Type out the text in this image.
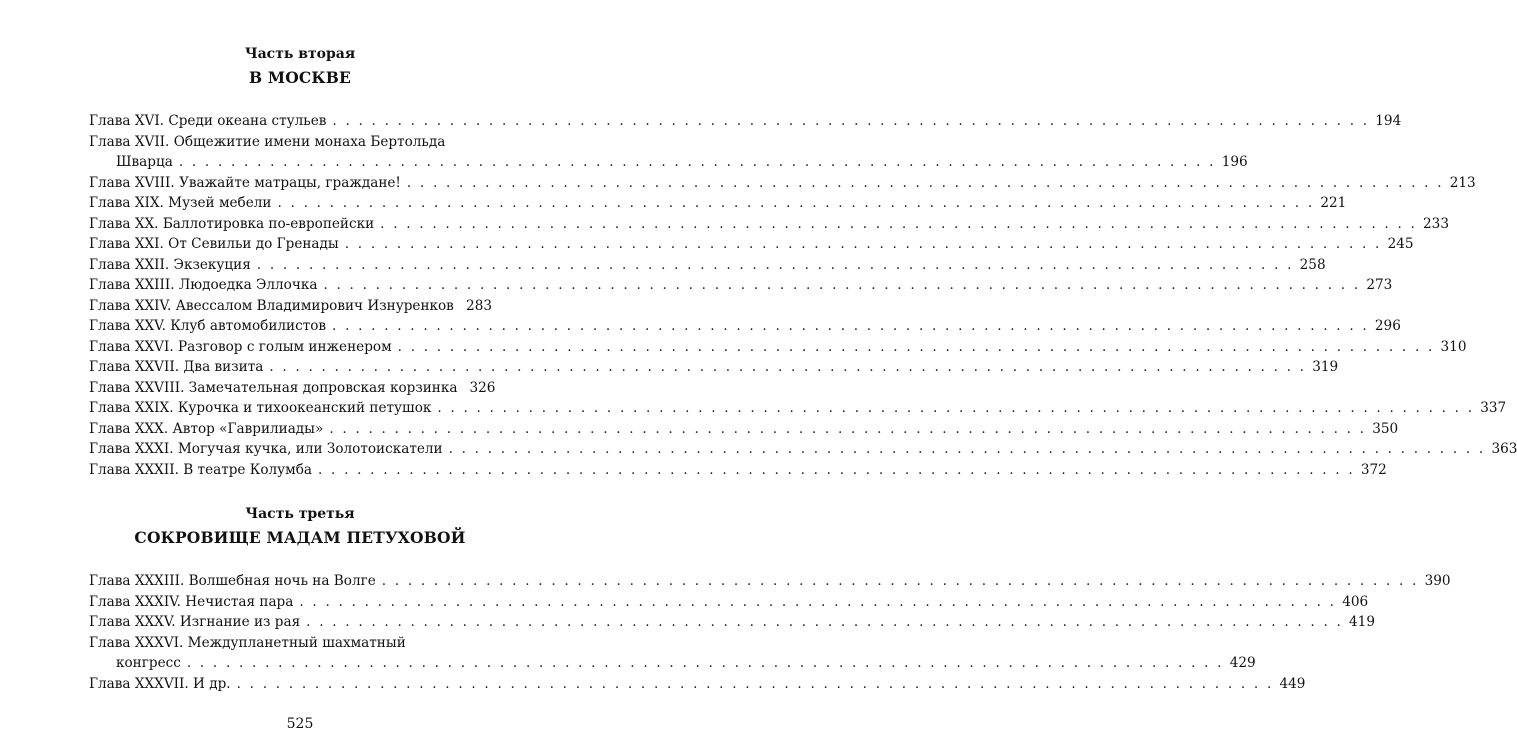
Часть вторая
В МОСКВЕ
Глава XVI. Среди океана стульев . . . . . . . . . . . . . . . . . . . . . . . . . . . . . . . . . . . . . . . . . . . . . . . . . . . . . . . . . . . . . . . . . . . . . . . . . . . . . . . . 194
Глава XVII. Общежитие имени монаха Бертольда
Шварца . . . . . . . . . . . . . . . . . . . . . . . . . . . . . . . . . . . . . . . . . . . . . . . . . . . . . . . . . . . . . . . . . . . . . . . . . . . . . . . . 196
Глава XVIII. Уважайте матрацы, граждане! . . . . . . . . . . . . . . . . . . . . . . . . . . . . . . . . . . . . . . . . . . . . . . . . . . . . . . . . . . . . . . . . . . . . . . . . . . . . . . . . 213
Глава XIX. Музей мебели . . . . . . . . . . . . . . . . . . . . . . . . . . . . . . . . . . . . . . . . . . . . . . . . . . . . . . . . . . . . . . . . . . . . . . . . . . . . . . . . 221
Глава XX. Баллотировка по-европейски . . . . . . . . . . . . . . . . . . . . . . . . . . . . . . . . . . . . . . . . . . . . . . . . . . . . . . . . . . . . . . . . . . . . . . . . . . . . . . . . 233
Глава XXI. От Севильи до Гренады . . . . . . . . . . . . . . . . . . . . . . . . . . . . . . . . . . . . . . . . . . . . . . . . . . . . . . . . . . . . . . . . . . . . . . . . . . . . . . . . 245
Глава XXII. Экзекуция . . . . . . . . . . . . . . . . . . . . . . . . . . . . . . . . . . . . . . . . . . . . . . . . . . . . . . . . . . . . . . . . . . . . . . . . . . . . . . . . 258
Глава XXIII. Людоедка Эллочка . . . . . . . . . . . . . . . . . . . . . . . . . . . . . . . . . . . . . . . . . . . . . . . . . . . . . . . . . . . . . . . . . . . . . . . . . . . . . . . . 273
Глава XXIV. Авессалом Владимирович Изнуренков 283
Глава XXV. Клуб автомобилистов . . . . . . . . . . . . . . . . . . . . . . . . . . . . . . . . . . . . . . . . . . . . . . . . . . . . . . . . . . . . . . . . . . . . . . . . . . . . . . . . 296
Глава XXVI. Разговор с голым инженером . . . . . . . . . . . . . . . . . . . . . . . . . . . . . . . . . . . . . . . . . . . . . . . . . . . . . . . . . . . . . . . . . . . . . . . . . . . . . . . . 310
Глава XXVII. Два визита . . . . . . . . . . . . . . . . . . . . . . . . . . . . . . . . . . . . . . . . . . . . . . . . . . . . . . . . . . . . . . . . . . . . . . . . . . . . . . . . 319
Глава XXVIII. Замечательная допровская корзинка 326
Глава XXIX. Курочка и тихоокеанский петушок . . . . . . . . . . . . . . . . . . . . . . . . . . . . . . . . . . . . . . . . . . . . . . . . . . . . . . . . . . . . . . . . . . . . . . . . . . . . . . . . 337
Глава XXX. Автор «Гаврилиады» . . . . . . . . . . . . . . . . . . . . . . . . . . . . . . . . . . . . . . . . . . . . . . . . . . . . . . . . . . . . . . . . . . . . . . . . . . . . . . . . 350
Глава XXXI. Могучая кучка, или Золотоискатели . . . . . . . . . . . . . . . . . . . . . . . . . . . . . . . . . . . . . . . . . . . . . . . . . . . . . . . . . . . . . . . . . . . . . . . . . . . . . . . . 363
Глава XXXII. В театре Колумба . . . . . . . . . . . . . . . . . . . . . . . . . . . . . . . . . . . . . . . . . . . . . . . . . . . . . . . . . . . . . . . . . . . . . . . . . . . . . . . . 372
Часть третья
СОКРОВИЩЕ МАДАМ ПЕТУХОВОЙ
Глава XXXIII. Волшебная ночь на Волге . . . . . . . . . . . . . . . . . . . . . . . . . . . . . . . . . . . . . . . . . . . . . . . . . . . . . . . . . . . . . . . . . . . . . . . . . . . . . . . . 390
Глава XXXIV. Нечистая пара . . . . . . . . . . . . . . . . . . . . . . . . . . . . . . . . . . . . . . . . . . . . . . . . . . . . . . . . . . . . . . . . . . . . . . . . . . . . . . . . 406
Глава XXXV. Изгнание из рая . . . . . . . . . . . . . . . . . . . . . . . . . . . . . . . . . . . . . . . . . . . . . . . . . . . . . . . . . . . . . . . . . . . . . . . . . . . . . . . . 419
Глава XXXVI. Междупланетный шахматный
конгресс . . . . . . . . . . . . . . . . . . . . . . . . . . . . . . . . . . . . . . . . . . . . . . . . . . . . . . . . . . . . . . . . . . . . . . . . . . . . . . . . 429
Глава XXXVII. И др. . . . . . . . . . . . . . . . . . . . . . . . . . . . . . . . . . . . . . . . . . . . . . . . . . . . . . . . . . . . . . . . . . . . . . . . . . . . . . . . . 449
525
